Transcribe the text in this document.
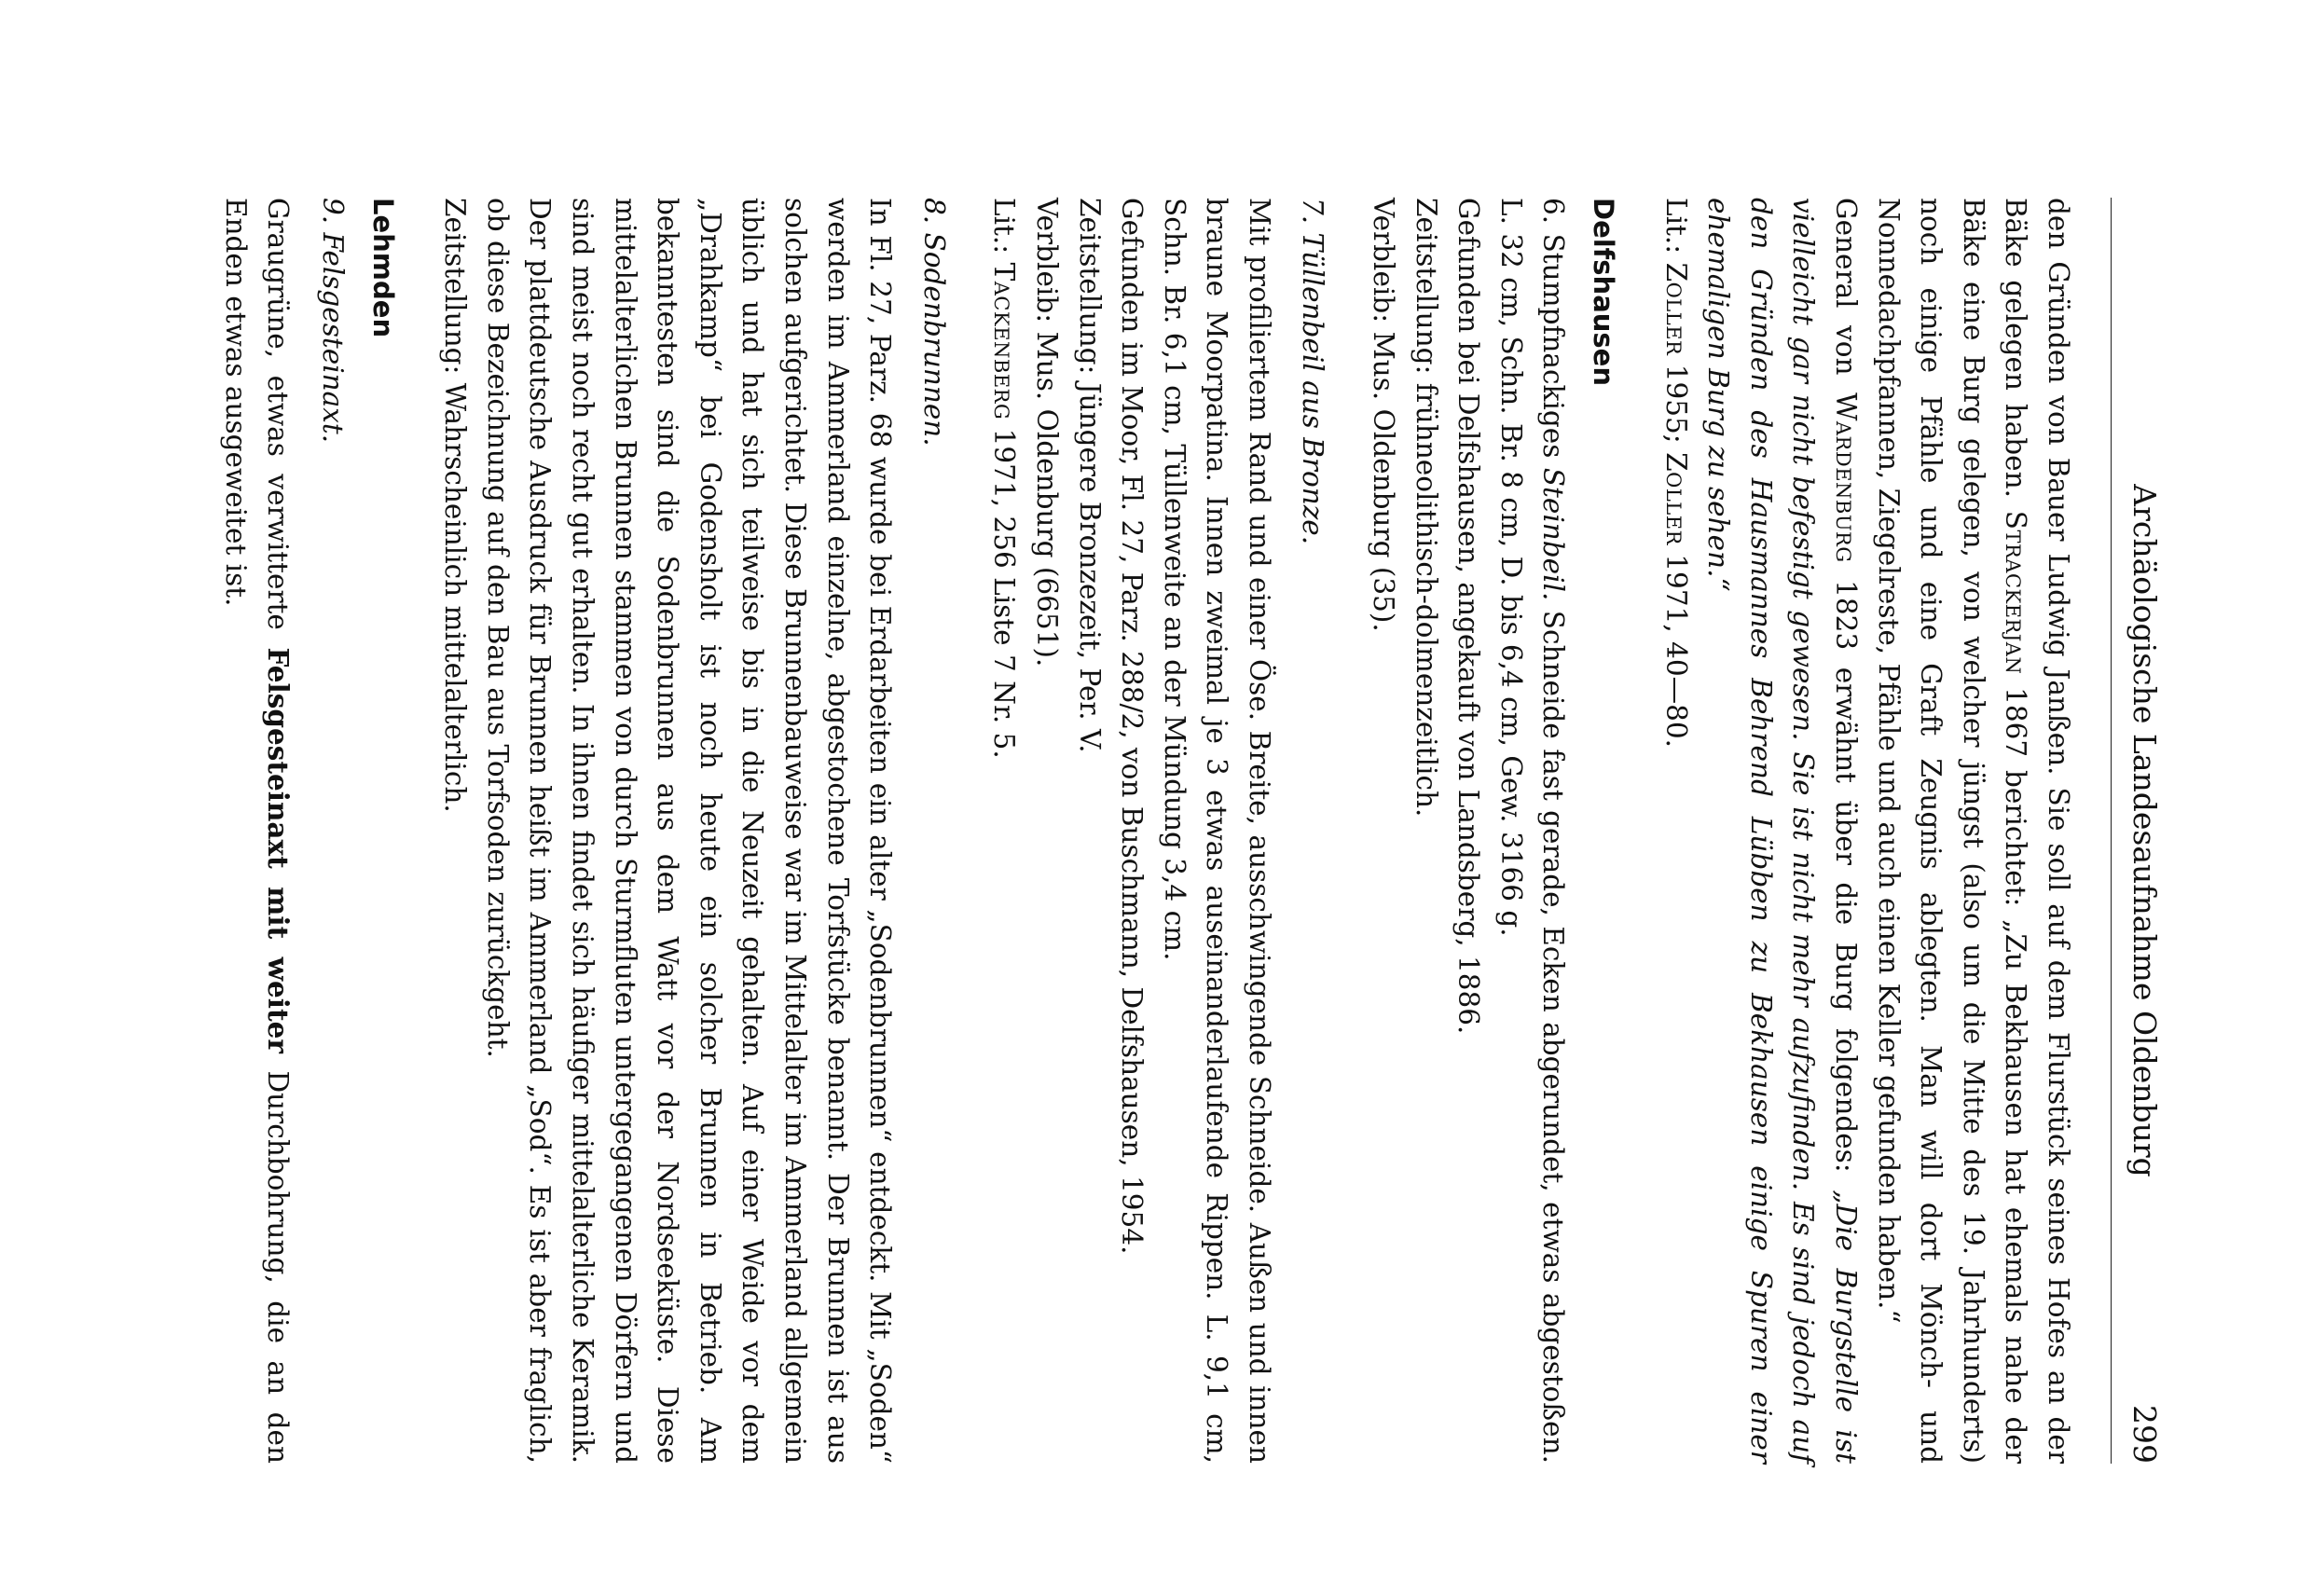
Archäologische Landesaufnahme Oldenburg
299

den Gründen von Bauer Ludwig Janßen. Sie soll auf dem Flurstück seines Hofes an der Bäke gelegen haben. Strackerjan 1867 berichtet: „Zu Bekhausen hat ehemals nahe der Bäke eine Burg gelegen, von welcher jüngst (also um die Mitte des 19. Jahrhunderts) noch einige Pfähle und eine Graft Zeugnis ablegten. Man will dort Mönch- und Nonnedachpfannen, Ziegelreste, Pfähle und auch einen Keller gefunden haben.“

General von Wardenburg 1823 erwähnt über die Burg folgendes: „Die Burgstelle ist vielleicht gar nicht befestigt gewesen. Sie ist nicht mehr aufzufinden. Es sind jedoch auf den Gründen des Hausmannes Behrend Lübben zu Bekhausen einige Spuren einer ehemaligen Burg zu sehen.“

Lit.: Zoller 1955; Zoller 1971, 40—80.

Delfshausen

6. Stumpfnackiges Steinbeil. Schneide fast gerade, Ecken abgerundet, etwas abgestoßen. L. 32 cm, Schn. Br. 8 cm, D. bis 6,4 cm, Gew. 3166 g.

Gefunden bei Delfshausen, angekauft von Landsberg, 1886.

Zeitstellung: frühneolithisch-dolmenzeitlich.

Verbleib: Mus. Oldenburg (35).

7. Tüllenbeil aus Bronze.

Mit profiliertem Rand und einer Öse. Breite, ausschwingende Schneide. Außen und innen braune Moorpatina. Innen zweimal je 3 etwas auseinanderlaufende Rippen. L. 9,1 cm, Schn. Br. 6,1 cm, Tüllenweite an der Mündung 3,4 cm.

Gefunden im Moor, Fl. 27, Parz. 288/2, von Buschmann, Delfshausen, 1954.

Zeitstellung: Jüngere Bronzezeit, Per. V.

Verbleib: Mus. Oldenburg (6651).

Lit.: Tackenberg 1971, 256 Liste 7 Nr. 5.

8. Sodenbrunnen.

In Fl. 27, Parz. 68 wurde bei Erdarbeiten ein alter „Sodenbrunnen“ entdeckt. Mit „Soden“ werden im Ammerland einzelne, abgestochene Torfstücke benannt. Der Brunnen ist aus solchen aufgerichtet. Diese Brunnenbauweise war im Mittelalter im Ammerland allgemein üblich und hat sich teilweise bis in die Neuzeit gehalten. Auf einer Weide vor dem „Drahkamp“ bei Godensholt ist noch heute ein solcher Brunnen in Betrieb. Am bekanntesten sind die Sodenbrunnen aus dem Watt vor der Nordseeküste. Diese mittelalterlichen Brunnen stammen von durch Sturmfluten untergegangenen Dörfern und sind meist noch recht gut erhalten. In ihnen findet sich häufiger mittelalterliche Keramik. Der plattdeutsche Ausdruck für Brunnen heißt im Ammerland „Sod“. Es ist aber fraglich, ob diese Bezeichnung auf den Bau aus Torfsoden zurückgeht.

Zeitstellung: Wahrscheinlich mittelalterlich.

Lehmden

9. Felsgesteinaxt.

Graugrüne, etwas verwitterte Felsgesteinaxt mit weiter Durchbohrung, die an den Enden etwas ausgeweitet ist.
